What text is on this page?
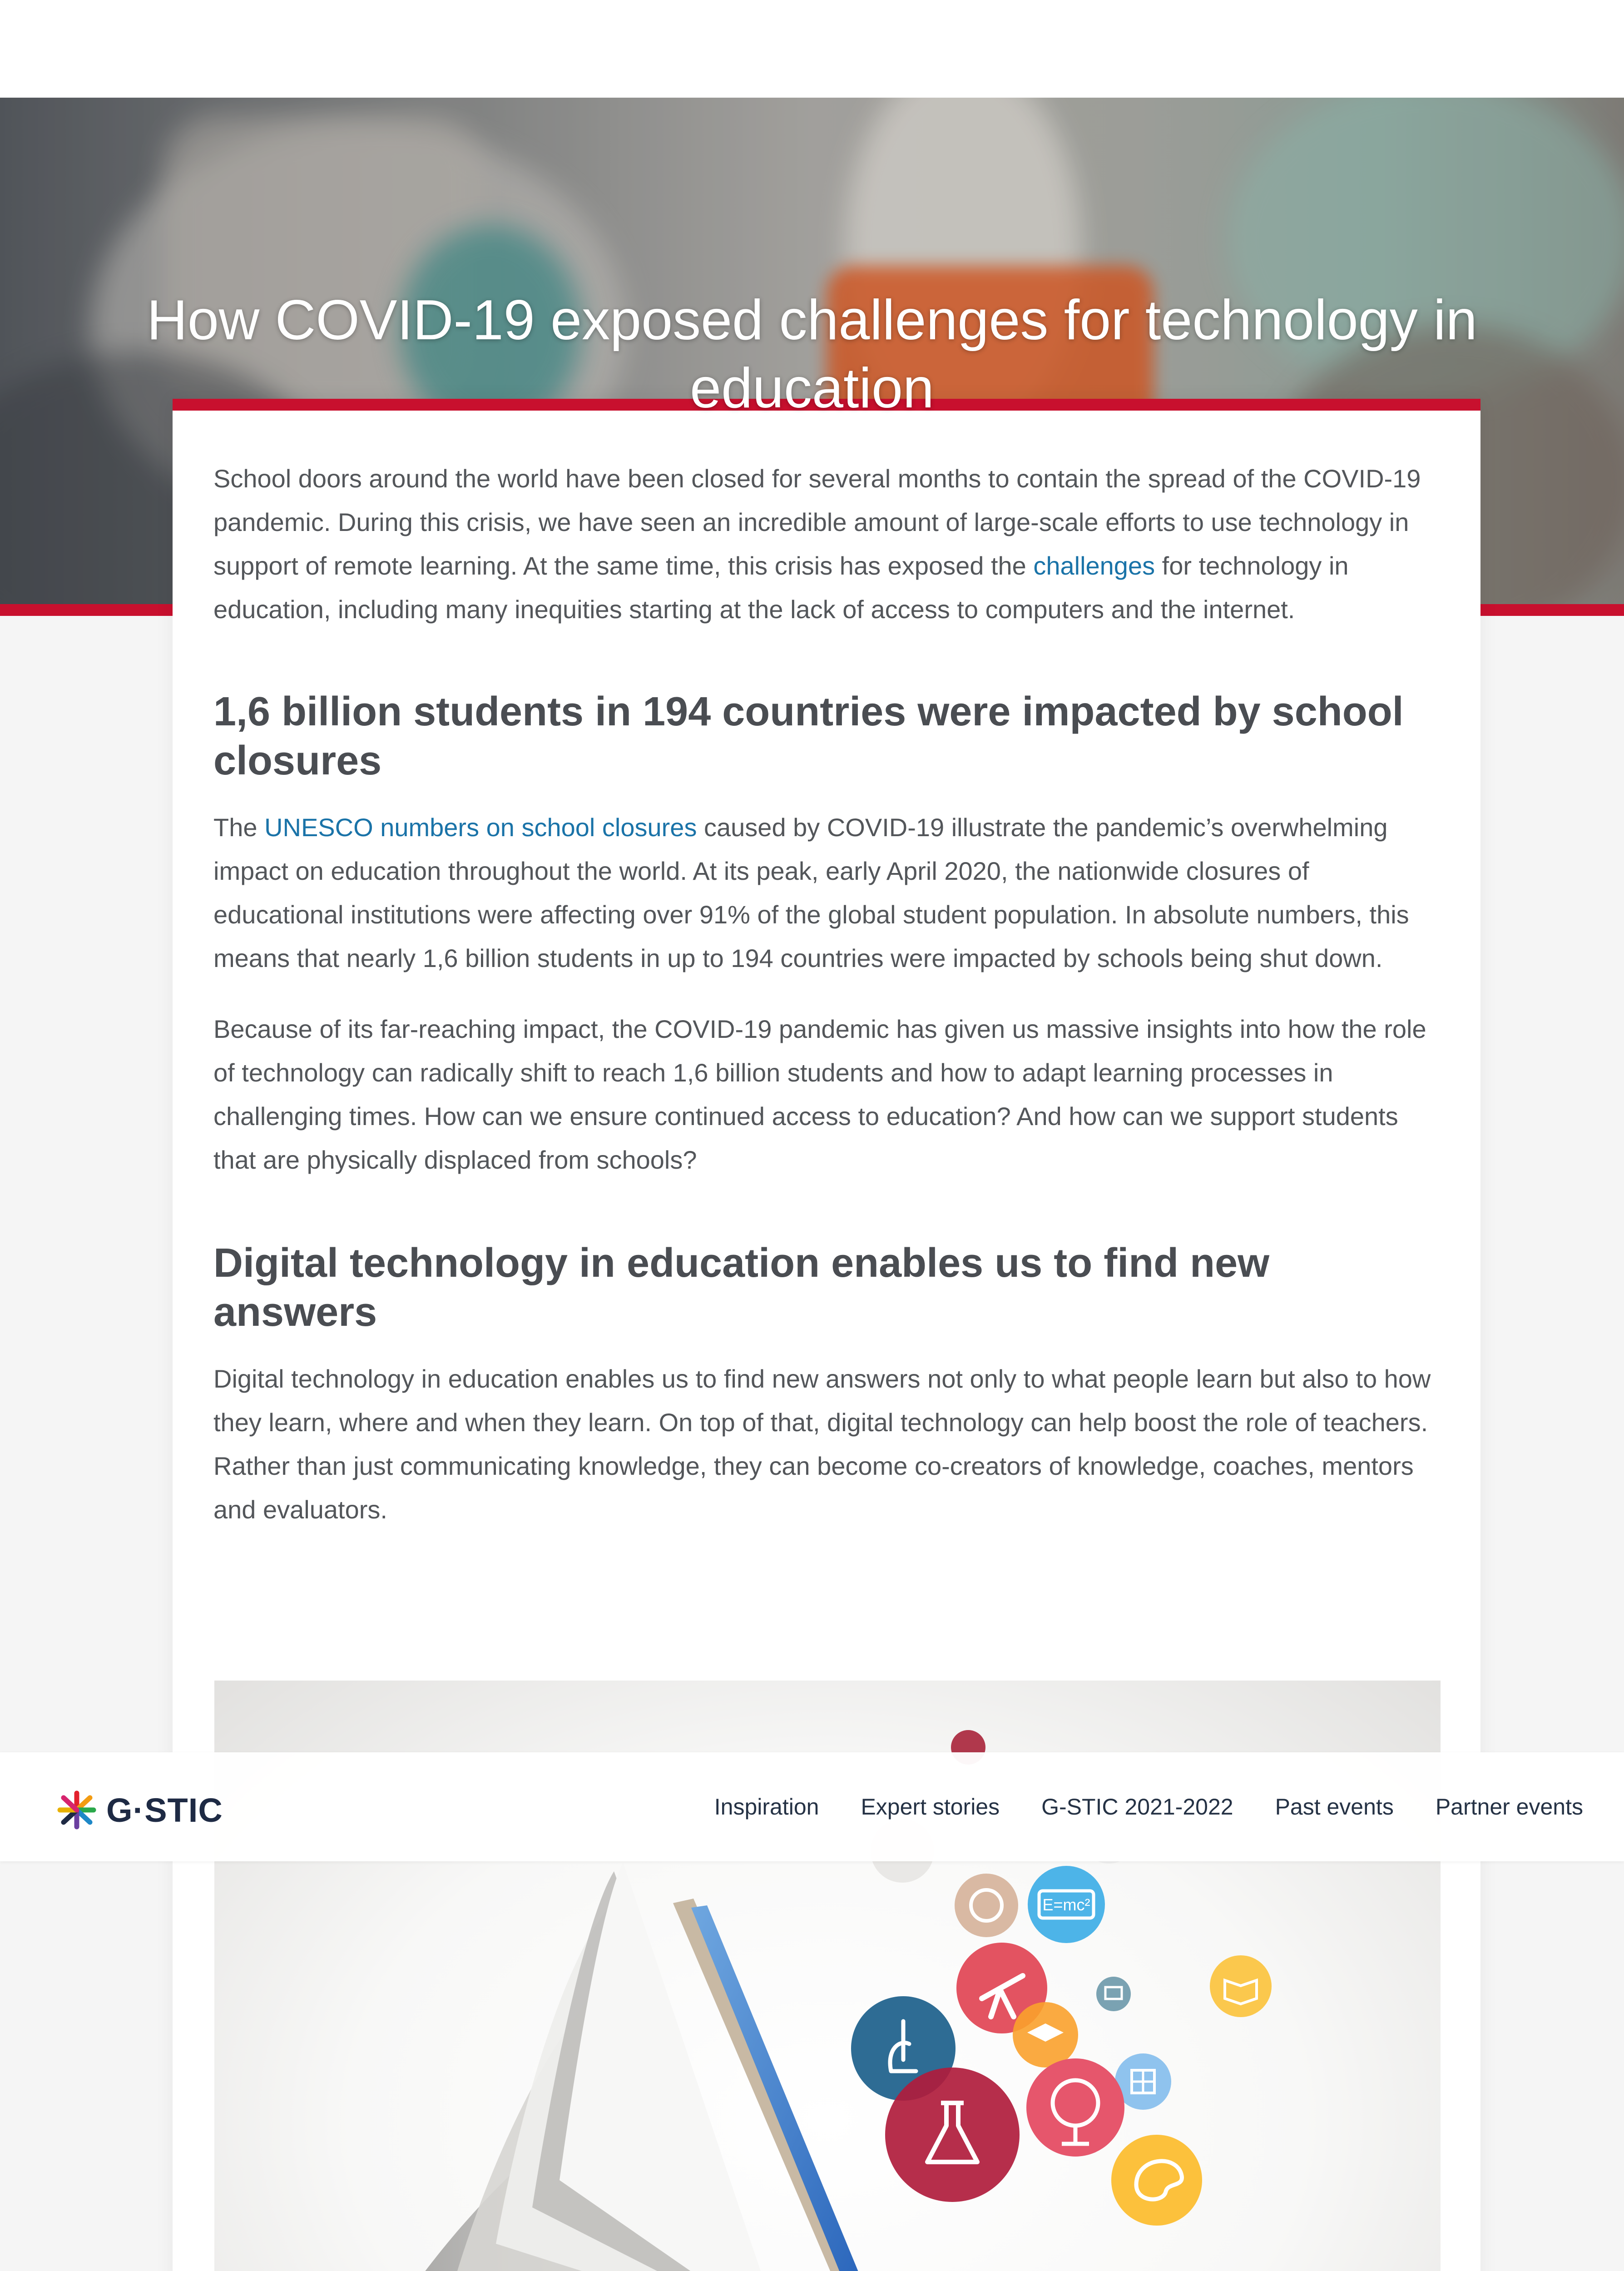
School doors around the world have been closed for several months to contain the spread of the COVID-19 pandemic. During this crisis, we have seen an incredible amount of large-scale efforts to use technology in support of remote learning. At the same time, this crisis has exposed the challenges for technology in education, including many inequities starting at the lack of access to computers and the internet.

1,6 billion students in 194 countries were impacted by school closures

The UNESCO numbers on school closures caused by COVID-19 illustrate the pandemic’s overwhelming impact on education throughout the world. At its peak, early April 2020, the nationwide closures of educational institutions were affecting over 91% of the global student population. In absolute numbers, this means that nearly 1,6 billion students in up to 194 countries were impacted by schools being shut down.

Because of its far-reaching impact, the COVID-19 pandemic has given us massive insights into how the role of technology can radically shift to reach 1,6 billion students and how to adapt learning processes in challenging times. How can we ensure continued access to education? And how can we support students that are physically displaced from schools?

Digital technology in education enables us to find new answers

Digital technology in education enables us to find new answers not only to what people learn but also to how they learn, where and when they learn. On top of that, digital technology can help boost the role of teachers. Rather than just communicating knowledge, they can become co-creators of knowledge, coaches, mentors and evaluators.

E=mc²
G·STIC	Inspiration Expert stories G-STIC 2021-2022 Past events Partner events
How COVID-19 exposed challenges for technology in
education
